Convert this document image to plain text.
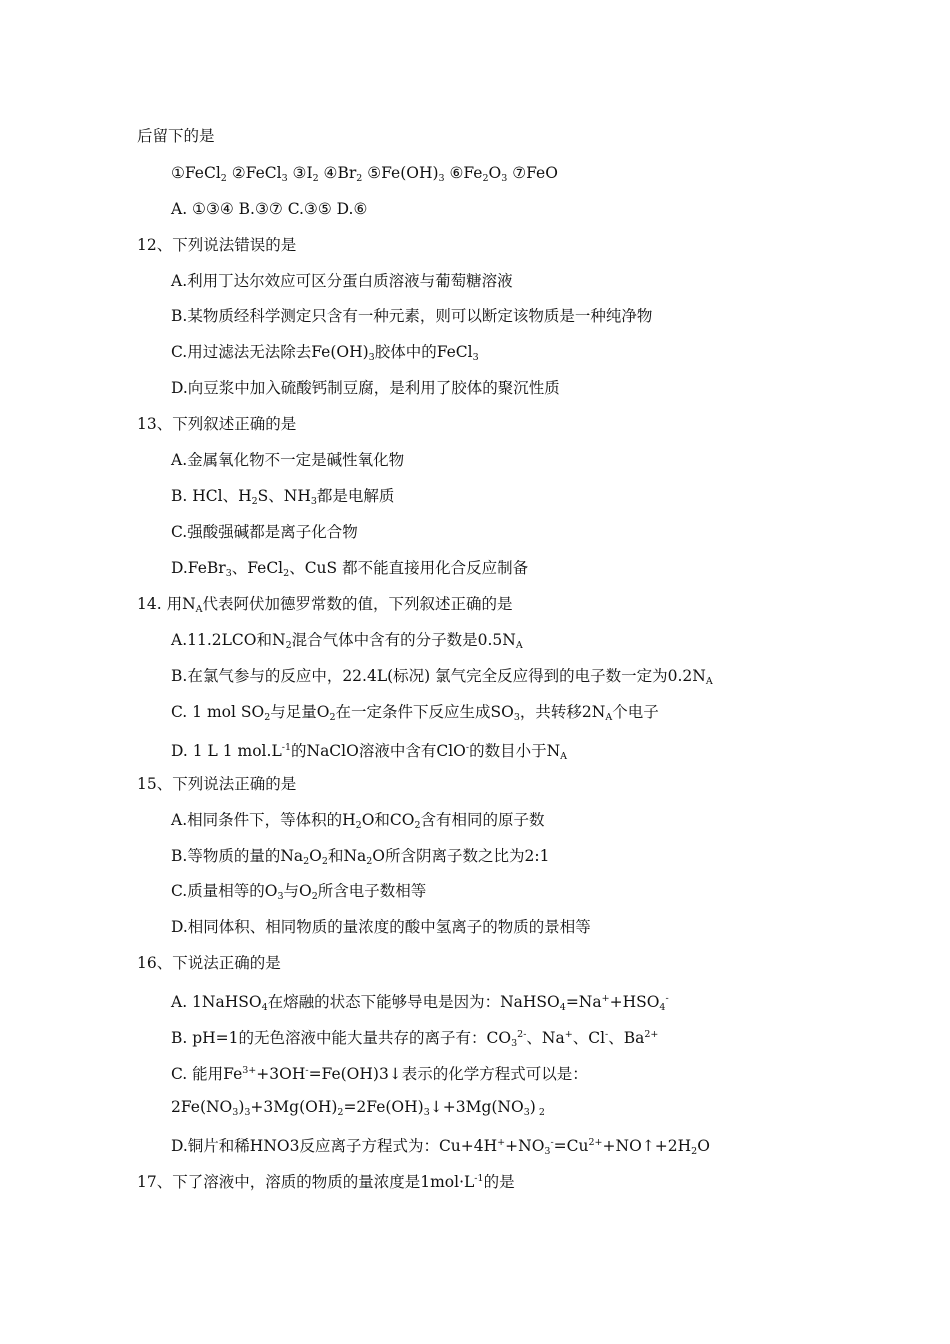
后留下的是
①FeCl$_2$ ②FeCl$_3$ $③I_2$ $④Br_2$ $⑤Fe(OH)_3$ $⑥Fe_2O_3$ ⑦FeO
A. ①③④ B.③⑦ C.③⑤ D.⑥
12、下列说法错误的是
A.利用丁达尔效应可区分蛋白质溶液与葡萄糖溶液
B.某物质经科学测定只含有一种元素，则可以断定该物质是一种纯净物
C.用过滤法无法除去$Fe(OH)_3$胶体中的FeCl$_3$
D.向豆浆中加入硫酸钙制豆腐，是利用了胶体的聚沉性质
13、下列叙述正确的是
A.金属氧化物不一定是碱性氧化物
B. HCl、$H_2S$、$NH_3$都是电解质
C.强酸强碱都是离子化合物
D.FeBr$_3$、FeCl$_2$、CuS 都不能直接用化合反应制备
14. 用$N_A$代表阿伏加德罗常数的值，下列叙述正确的是
A.11.2LCO和$N_2$混合气体中含有的分子数是$0.5N_A$
B.在氯气参与的反应中，22.4L(标况) 氯气完全反应得到的电子数一定为$0.2N_A$
C. 1 mol $SO_2$与足量$O_2$在一定条件下反应生成$SO_3$，共转移$2N_A$个电子
D. 1 L 1 $mol.L^{-1}$的NaClO溶液中含有ClO-的数目小于$N_A$
15、下列说法正确的是
A.相同条件下，等体积的$H_2O$和$CO_2$含有相同的原子数
B.等物质的量的$Na_2O_2$和$Na_2O$所含阴离子数之比为2:1
C.质量相等的$O_3$与$O_2$所含电子数相等
D.相同体积、相同物质的量浓度的酸中氢离子的物质的景相等
16、下说法正确的是
A. 1NaHSO$_4$在熔融的状态下能够导电是因为：$NaHSO_4=Na^++HSO_4^-$
B. pH=1的无色溶液中能大量共存的离子有：$CO_3^{2-}$、Na+、Cl-、$Ba^{2+}$
C. 能用$Fe^{3+}+3OH^-=Fe(OH)3↓$表示的化学方程式可以是：
$2Fe(NO_3)_3+3Mg(OH)_2=2Fe(OH)_3↓+3Mg(NO_3)$ $_2$
D.铜片和稀HNO3反应离子方程式为：$Cu+4H^++NO_3^-=Cu^{2+}+NO↑+2H_2O$
17、下了溶液中，溶质的物质的量浓度是$1mol\cdot L^{-1}$的是
